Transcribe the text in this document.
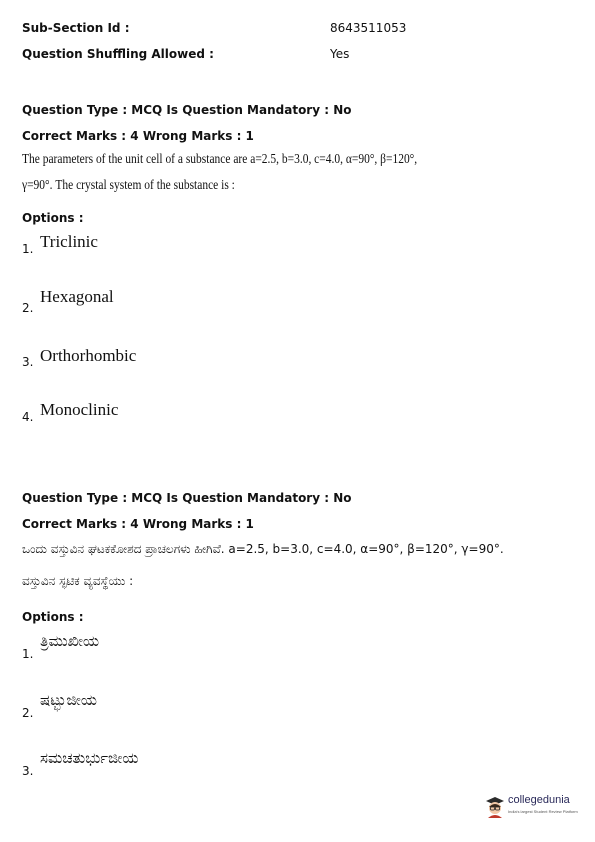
Sub-Section Id :	8643511053
Question Shuffling Allowed :	Yes
Question Type : MCQ Is Question Mandatory : No
Correct Marks : 4 Wrong Marks : 1
The parameters of the unit cell of a substance are a=2.5, b=3.0, c=4.0, α=90°, β=120°,
γ=90°. The crystal system of the substance is :
Options :
1. Triclinic
2.
Hexagonal
3. Orthorhombic
4. Monoclinic
Question Type : MCQ Is Question Mandatory : No
Correct Marks : 4 Wrong Marks : 1
ಒಂದು ವಸ್ತುವಿನ ಘಟಕಕೋಶದ ಪ್ರಾಚಲಗಳು ಹೀಗಿವೆ. a=2.5, b=3.0, c=4.0, α=90°, β=120°, γ=90°.
ವಸ್ತುವಿನ ಸ್ಫಟಿಕ ವ್ಯವಸ್ಥೆಯು :
Options :
1.
ತ್ರಿಮುಖೀಯ
2.
ಷಟ್ಭುಜೀಯ
3.
ಸಮಚತುರ್ಭುಜೀಯ
collegedunia
India's largest Student Review Platform
